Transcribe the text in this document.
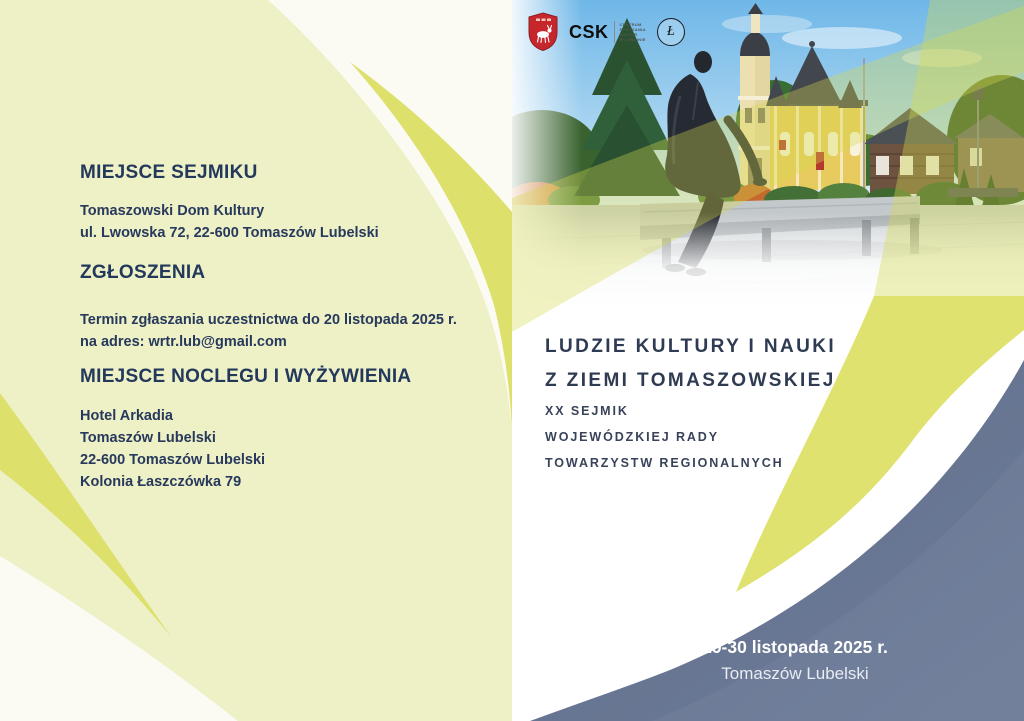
MIEJSCE SEJMIKU
Tomaszowski Dom Kultury
ul. Lwowska 72, 22-600 Tomaszów Lubelski
ZGŁOSZENIA
Termin zgłaszania uczestnictwa do 20 listopada 2025 r.
na adres: wrtr.lub@gmail.com
MIEJSCE NOCLEGU I WYŻYWIENIA
Hotel Arkadia
Tomaszów Lubelski
22-600 Tomaszów Lubelski
Kolonia Łaszczówka 79
CSK	CENTRUM
SPOTKANIA
KULTUR
W LUBLINIE
Ł
LUDZIE KULTURY I NAUKI
Z ZIEMI TOMASZOWSKIEJ
XX SEJMIK
WOJEWÓDZKIEJ RADY
TOWARZYSTW REGIONALNYCH
29-30 listopada 2025 r.
Tomaszów Lubelski
